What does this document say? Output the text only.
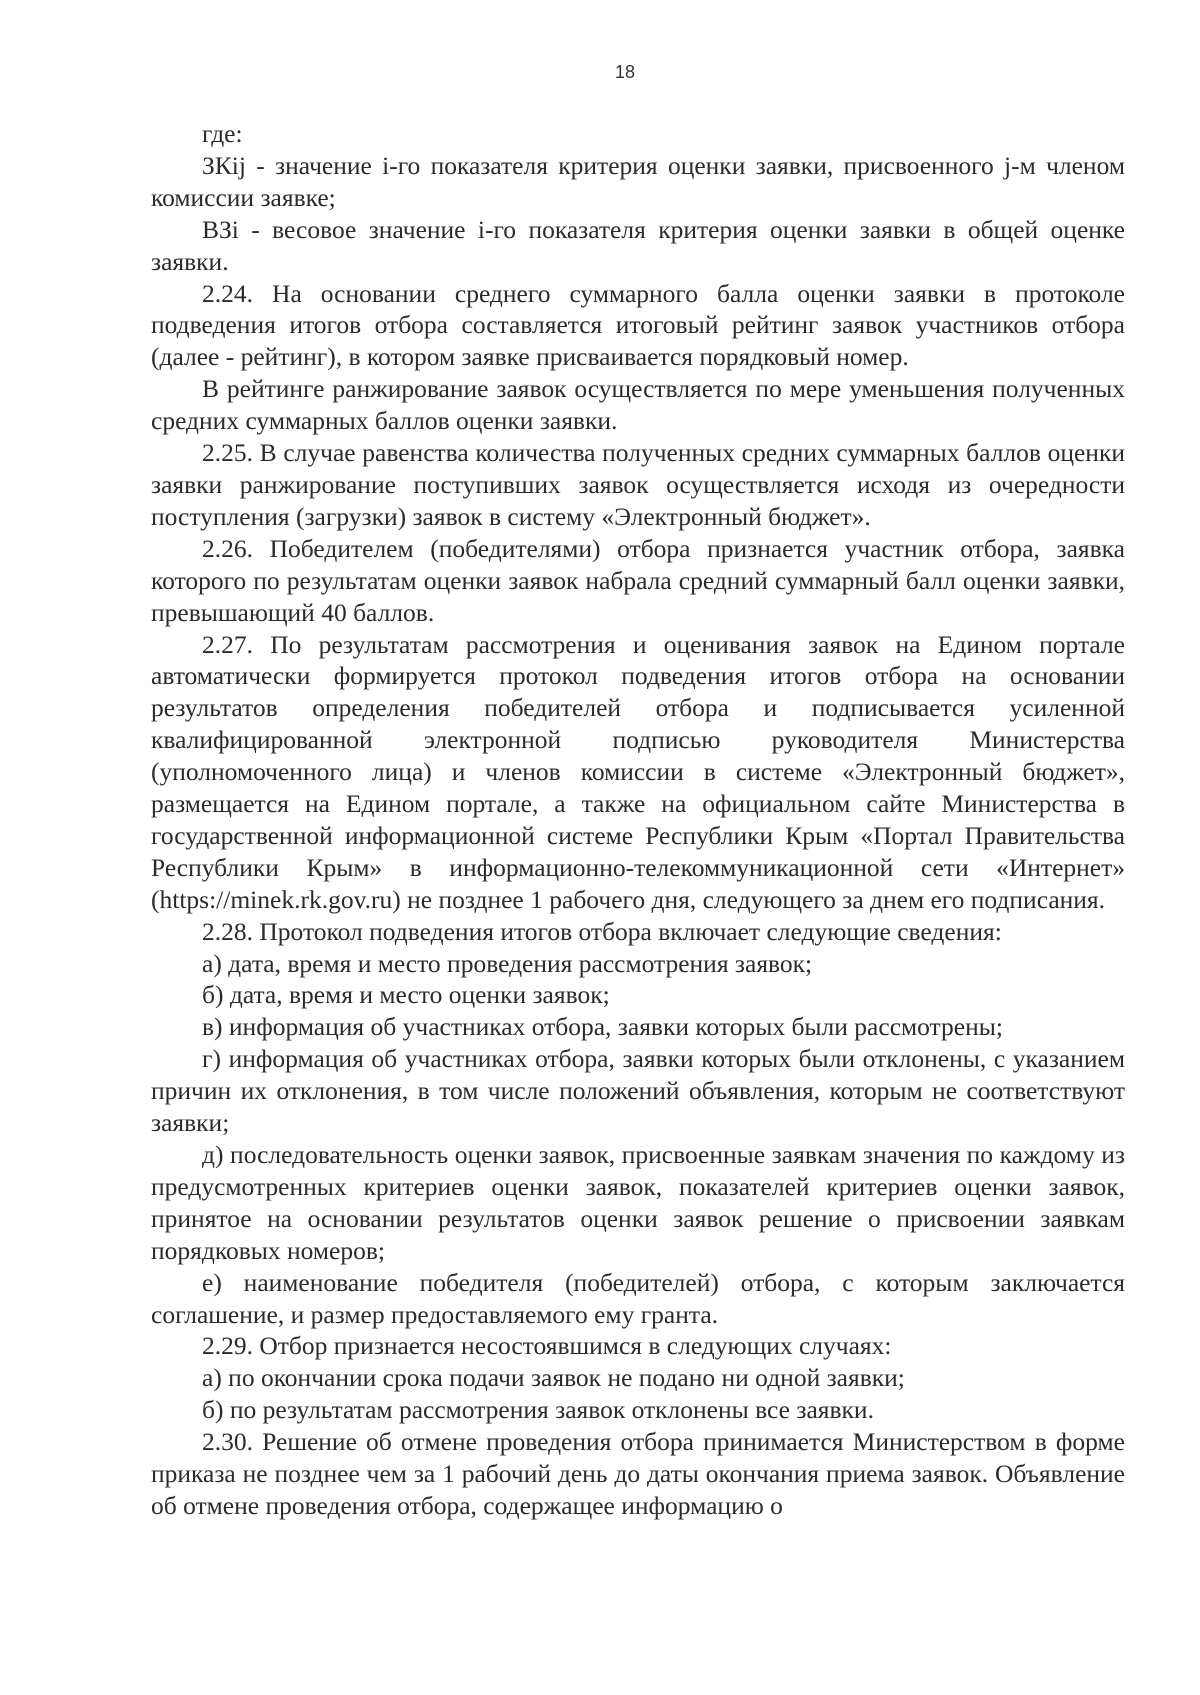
18

где:

ЗКij - значение i-го показателя критерия оценки заявки, присвоенного j-м членом комиссии заявке;

ВЗi - весовое значение i-го показателя критерия оценки заявки в общей оценке заявки.

2.24. На основании среднего суммарного балла оценки заявки в протоколе подведения итогов отбора составляется итоговый рейтинг заявок участников отбора (далее - рейтинг), в котором заявке присваивается порядковый номер.

В рейтинге ранжирование заявок осуществляется по мере уменьшения полученных средних суммарных баллов оценки заявки.

2.25. В случае равенства количества полученных средних суммарных баллов оценки заявки ранжирование поступивших заявок осуществляется исходя из очередности поступления (загрузки) заявок в систему «Электронный бюджет».

2.26. Победителем (победителями) отбора признается участник отбора, заявка которого по результатам оценки заявок набрала средний суммарный балл оценки заявки, превышающий 40 баллов.

2.27. По результатам рассмотрения и оценивания заявок на Едином портале автоматически формируется протокол подведения итогов отбора на основании результатов определения победителей отбора и подписывается усиленной квалифицированной электронной подписью руководителя Министерства (уполномоченного лица) и членов комиссии в системе «Электронный бюджет», размещается на Едином портале, а также на официальном сайте Министерства в государственной информационной системе Республики Крым «Портал Правительства Республики Крым» в информационно-телекоммуникационной сети «Интернет» (https://minek.rk.gov.ru) не позднее 1 рабочего дня, следующего за днем его подписания.

2.28. Протокол подведения итогов отбора включает следующие сведения:

а) дата, время и место проведения рассмотрения заявок;

б) дата, время и место оценки заявок;

в) информация об участниках отбора, заявки которых были рассмотрены;

г) информация об участниках отбора, заявки которых были отклонены, с указанием причин их отклонения, в том числе положений объявления, которым не соответствуют заявки;

д) последовательность оценки заявок, присвоенные заявкам значения по каждому из предусмотренных критериев оценки заявок, показателей критериев оценки заявок, принятое на основании результатов оценки заявок решение о присвоении заявкам порядковых номеров;

е) наименование победителя (победителей) отбора, с которым заключается соглашение, и размер предоставляемого ему гранта.

2.29. Отбор признается несостоявшимся в следующих случаях:

а) по окончании срока подачи заявок не подано ни одной заявки;

б) по результатам рассмотрения заявок отклонены все заявки.

2.30. Решение об отмене проведения отбора принимается Министерством в форме приказа не позднее чем за 1 рабочий день до даты окончания приема заявок. Объявление об отмене проведения отбора, содержащее информацию о
